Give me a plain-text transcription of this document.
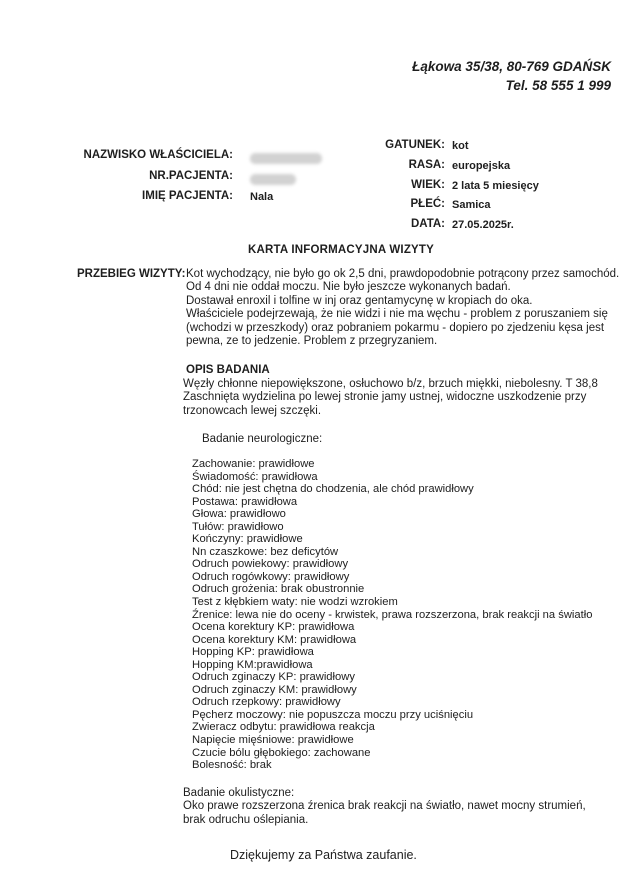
Łąkowa 35/38, 80-769 GDAŃSK
Tel. 58 555 1 999
NAZWISKO WŁAŚCICIELA:
NR.PACJENTA:
IMIĘ PACJENTA: Nala
GATUNEK: kot
RASA: europejska
WIEK: 2 lata 5 miesięcy
PŁEĆ: Samica
DATA: 27.05.2025r.
KARTA INFORMACYJNA WIZYTY
PRZEBIEG WIZYTY: Kot wychodzący, nie było go ok 2,5 dni, prawdopodobnie potrącony przez samochód.
Od 4 dni nie oddał moczu. Nie było jeszcze wykonanych badań.
Dostawał enroxil i tolfine w inj oraz gentamycynę w kropiach do oka.
Właściciele podejrzewają, że nie widzi i nie ma węchu - problem z poruszaniem się
(wchodzi w przeszkody) oraz pobraniem pokarmu - dopiero po zjedzeniu kęsa jest
pewna, ze to jedzenie. Problem z przegryzaniem.
OPIS BADANIA
Węzły chłonne niepowiększone, osłuchowo b/z, brzuch miękki, niebolesny. T 38,8
Zaschnięta wydzielina po lewej stronie jamy ustnej, widoczne uszkodzenie przy
trzonowcach lewej szczęki.
Badanie neurologiczne:
Zachowanie: prawidłowe
Świadomość: prawidłowa
Chód: nie jest chętna do chodzenia, ale chód prawidłowy
Postawa: prawidłowa
Głowa: prawidłowo
Tułów: prawidłowo
Kończyny: prawidłowe
Nn czaszkowe: bez deficytów
Odruch powiekowy: prawidłowy
Odruch rogówkowy: prawidłowy
Odruch grożenia: brak obustronnie
Test z kłębkiem waty: nie wodzi wzrokiem
Źrenice: lewa nie do oceny - krwistek, prawa rozszerzona, brak reakcji na światło
Ocena korektury KP: prawidłowa
Ocena korektury KM: prawidłowa
Hopping KP: prawidłowa
Hopping KM:prawidłowa
Odruch zginaczy KP: prawidłowy
Odruch zginaczy KM: prawidłowy
Odruch rzepkowy: prawidłowy
Pęcherz moczowy: nie popuszcza moczu przy uciśnięciu
Zwieracz odbytu: prawidłowa reakcja
Napięcie mięśniowe: prawidłowe
Czucie bólu głębokiego: zachowane
Bolesność: brak
Badanie okulistyczne:
Oko prawe rozszerzona źrenica brak reakcji na światło, nawet mocny strumień,
brak odruchu oślepiania.
Dziękujemy za Państwa zaufanie.
